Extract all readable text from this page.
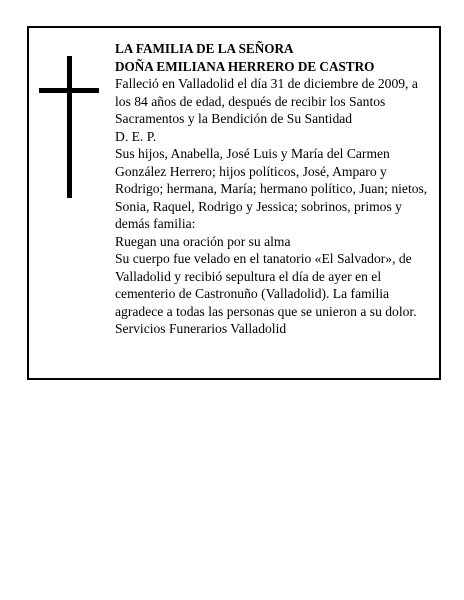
LA FAMILIA DE LA SEÑORA

DOÑA EMILIANA HERRERO DE CASTRO

Falleció en Valladolid el día 31 de diciembre de 2009, a los 84 años de edad, después de recibir los Santos Sacramentos y la Bendición de Su Santidad

D. E. P.

Sus hijos, Anabella, José Luis y María del Carmen González Herrero; hijos políticos, José, Amparo y Rodrigo; hermana, María; hermano político, Juan; nietos, Sonia, Raquel, Rodrigo y Jessica; sobrinos, primos y demás familia:

Ruegan una oración por su alma

Su cuerpo fue velado en el tanatorio «El Salvador», de Valladolid y recibió sepultura el día de ayer en el cementerio de Castronuño (Valladolid). La familia agradece a todas las personas que se unieron a su dolor.

Servicios Funerarios Valladolid
